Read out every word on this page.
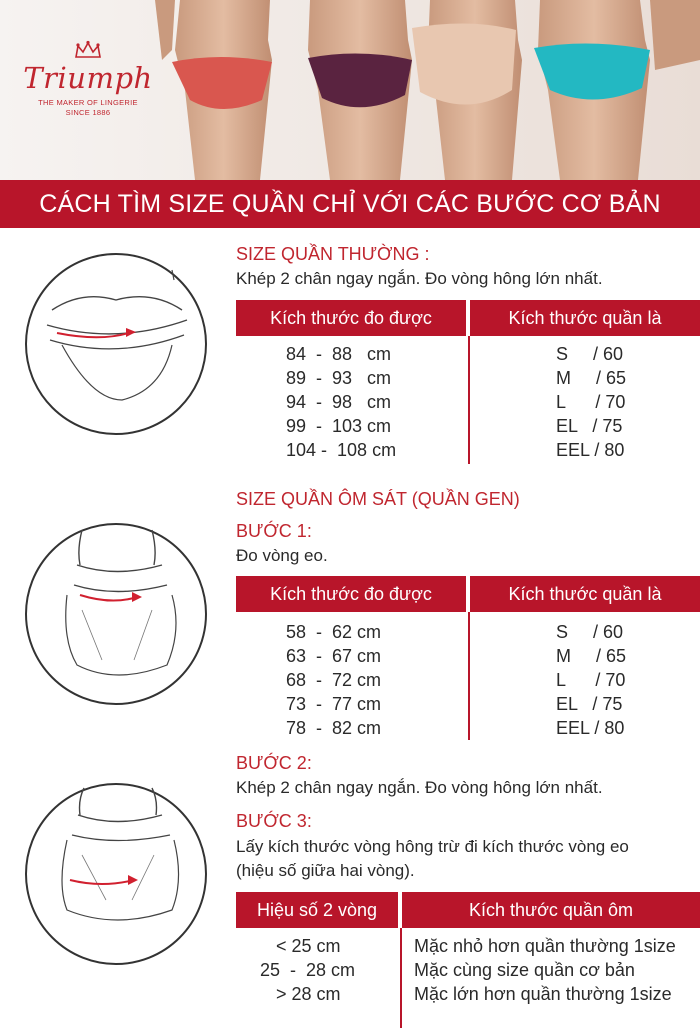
Triumph
THE MAKER OF LINGERIE
SINCE 1886
CÁCH TÌM SIZE QUẦN CHỈ VỚI CÁC BƯỚC CƠ BẢN
SIZE QUẦN THƯỜNG :
Khép 2 chân ngay ngắn. Đo vòng hông lớn nhất.
Kích thước đo được	Kích thước quần là
84  -  88   cm	S     / 60
89  -  93   cm	M     / 65
94  -  98   cm	L      / 70
99  -  103 cm	EL   / 75
104 -  108 cm	EEL / 80
SIZE QUẦN ÔM SÁT (QUẦN GEN)
BƯỚC 1:
Đo vòng eo.
Kích thước đo được	Kích thước quần là
58  -  62 cm	S     / 60
63  -  67 cm	M     / 65
68  -  72 cm	L      / 70
73  -  77 cm	EL   / 75
78  -  82 cm	EEL / 80
BƯỚC 2:
Khép 2 chân ngay ngắn. Đo vòng hông lớn nhất.
BƯỚC 3:
Lấy kích thước vòng hông trừ đi kích thước vòng eo
(hiệu số giữa hai vòng).
Hiệu số 2 vòng	Kích thước quần ôm
< 25 cm	Mặc nhỏ hơn quần thường 1size
25  -  28 cm	Mặc cùng size quần cơ bản
> 28 cm	Mặc lớn hơn quần thường 1size
